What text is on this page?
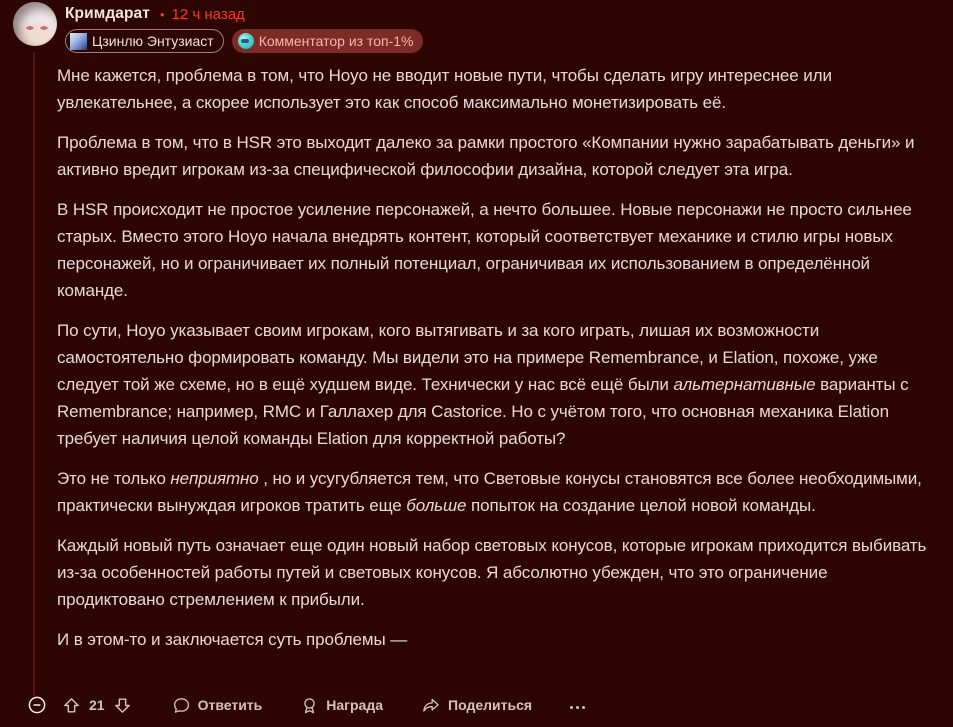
Кримдарат • 12 ч назад
Цзинлю Энтузиаст	Комментатор из топ-1%

Мне кажется, проблема в том, что Hoyo не вводит новые пути, чтобы сделать игру интереснее или увлекательнее, а скорее использует это как способ максимально монетизировать её.

Проблема в том, что в HSR это выходит далеко за рамки простого «Компании нужно зарабатывать деньги» и активно вредит игрокам из-за специфической философии дизайна, которой следует эта игра.

В HSR происходит не простое усиление персонажей, а нечто большее. Новые персонажи не просто сильнее старых. Вместо этого Hoyo начала внедрять контент, который соответствует механике и стилю игры новых персонажей, но и ограничивает их полный потенциал, ограничивая их использованием в определённой команде.

По сути, Hoyo указывает своим игрокам, кого вытягивать и за кого играть, лишая их возможности самостоятельно формировать команду. Мы видели это на примере Remembrance, и Elation, похоже, уже следует той же схеме, но в ещё худшем виде. Технически у нас всё ещё были альтернативные варианты с Remembrance; например, RMC и Галлахер для Castorice. Но с учётом того, что основная механика Elation требует наличия целой команды Elation для корректной работы?

Это не только неприятно , но и усугубляется тем, что Световые конусы становятся все более необходимыми, практически вынуждая игроков тратить еще больше попыток на создание целой новой команды.

Каждый новый путь означает еще один новый набор световых конусов, которые игрокам приходится выбивать из-за особенностей работы путей и световых конусов. Я абсолютно убежден, что это ограничение продиктовано стремлением к прибыли.

И в этом-то и заключается суть проблемы —

21	Ответить	Награда	Поделиться
